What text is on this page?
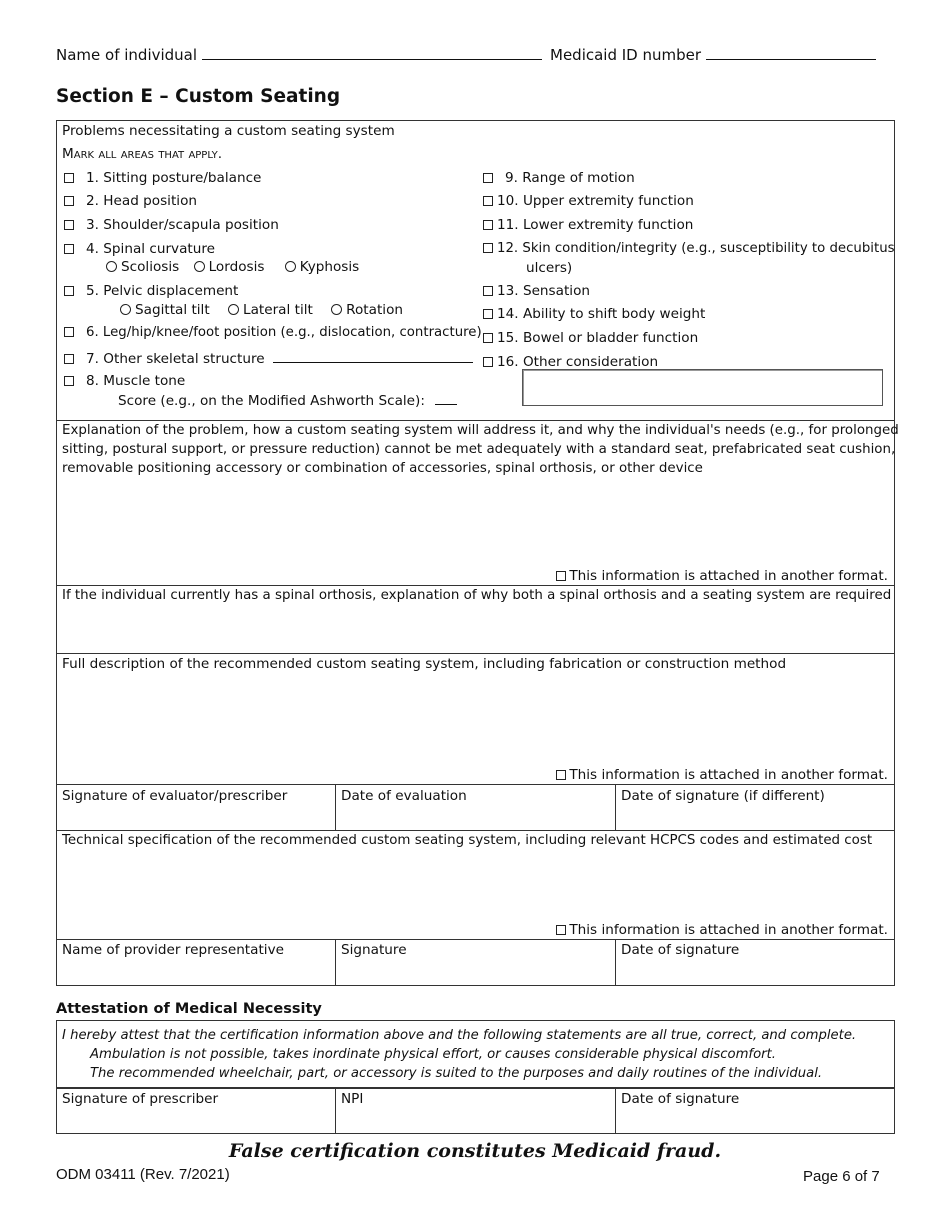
Name of individual	Medicaid ID number
Section E – Custom Seating
Problems necessitating a custom seating system
Mark all areas that apply.
1. Sitting posture/balance
2. Head position
3. Shoulder/scapula position
4. Spinal curvature
Scoliosis Lordosis	Kyphosis
5. Pelvic displacement
Sagittal tilt Lateral tilt Rotation
6. Leg/hip/knee/foot position (e.g., dislocation, contracture)
7. Other skeletal structure
8. Muscle tone
Score (e.g., on the Modified Ashworth Scale):
9. Range of motion
10. Upper extremity function
11. Lower extremity function
12. Skin condition/integrity (e.g., susceptibility to decubitus
ulcers)
13. Sensation
14. Ability to shift body weight
15. Bowel or bladder function
16. Other consideration
Explanation of the problem, how a custom seating system will address it, and why the individual's needs (e.g., for prolonged
sitting, postural support, or pressure reduction) cannot be met adequately with a standard seat, prefabricated seat cushion,
removable positioning accessory or combination of accessories, spinal orthosis, or other device
This information is attached in another format.
If the individual currently has a spinal orthosis, explanation of why both a spinal orthosis and a seating system are required
Full description of the recommended custom seating system, including fabrication or construction method
This information is attached in another format.
Signature of evaluator/prescriber	Date of evaluation	Date of signature (if different)
Technical specification of the recommended custom seating system, including relevant HCPCS codes and estimated cost
This information is attached in another format.
Name of provider representative	Signature	Date of signature
Attestation of Medical Necessity
I hereby attest that the certification information above and the following statements are all true, correct, and complete.
Ambulation is not possible, takes inordinate physical effort, or causes considerable physical discomfort.
The recommended wheelchair, part, or accessory is suited to the purposes and daily routines of the individual.
Signature of prescriber	NPI	Date of signature
False certification constitutes Medicaid fraud.
ODM 03411 (Rev. 7/2021)	Page 6 of 7
